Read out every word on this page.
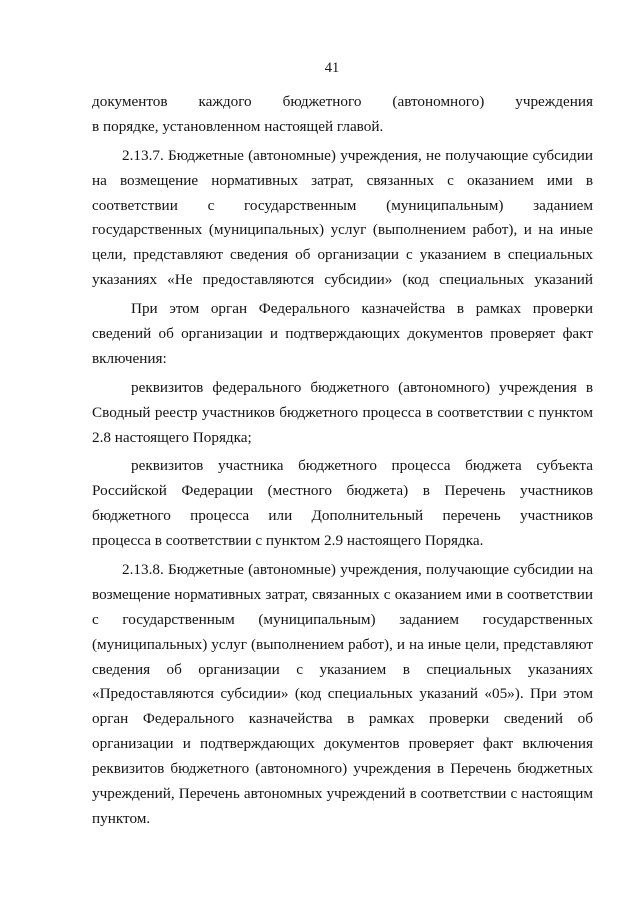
41
документов каждого бюджетного (автономного) учреждения
в порядке, установленном настоящей главой.
2.13.7. Бюджетные (автономные) учреждения, не получающие субсидии
на возмещение нормативных затрат, связанных с оказанием ими в
соответствии с государственным (муниципальным) заданием
государственных (муниципальных) услуг (выполнением работ), и на иные
цели, представляют сведения об организации с указанием в специальных
указаниях «Не предоставляются субсидии» (код специальных указаний
При этом орган Федерального казначейства в рамках проверки
сведений об организации и подтверждающих документов проверяет факт
включения:
реквизитов федерального бюджетного (автономного) учреждения в
Сводный реестр участников бюджетного процесса в соответствии с пунктом
2.8 настоящего Порядка;
реквизитов участника бюджетного процесса бюджета субъекта
Российской Федерации (местного бюджета) в Перечень участников
бюджетного процесса или Дополнительный перечень участников
процесса в соответствии с пунктом 2.9 настоящего Порядка.
2.13.8. Бюджетные (автономные) учреждения, получающие субсидии на
возмещение нормативных затрат, связанных с оказанием ими в соответствии
с государственным (муниципальным) заданием государственных
(муниципальных) услуг (выполнением работ), и на иные цели, представляют
сведения об организации с указанием в специальных указаниях
«Предоставляются субсидии» (код специальных указаний «05»). При этом
орган Федерального казначейства в рамках проверки сведений об
организации и подтверждающих документов проверяет факт включения
реквизитов бюджетного (автономного) учреждения в Перечень бюджетных
учреждений, Перечень автономных учреждений в соответствии с настоящим
пунктом.
